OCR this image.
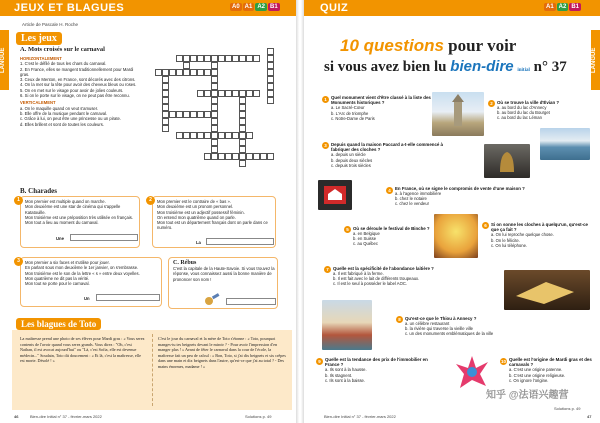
JEUX ET BLAGUES	A0 A1 A2 B1
LANGUE
Article de Pascale H. Roche
Les jeux
A. Mots croisés sur le carnaval
HORIZONTALEMENT
1. C'est le défilé de tous les chars du carnaval.
2. En France, elles se mangent traditionnellement pour Mardi gras.
3. Ceux de Menton, en France, sont décorés avec des citrons.
4. On la met sur la tête pour avoir des cheveux bleus ou roses.
5. On en met sur le visage pour avoir de jolies couleurs.
6. Si on le porte sur le visage, on ne peut pas être reconnu.
VERTICALEMENT
a. On le maquille quand on veut s'amuser.
b. Elle offre de la musique pendant le carnaval.
c. Grâce à lui, on peut être une princesse ou un pirate.
d. Elles brillent et sont de toutes les couleurs.
B. Charades
Mon premier est multiple quand on marche.
Mon deuxième est une star de cinéma qui s'appelle Katatouille.
Mon troisième est une préposition très utilisée en français.
Mon tout a lieu au moment du carnaval.
1
Une
Mon premier est le contraire de « bas ».
Mon deuxième est un pronom personnel.
Mon troisième est un adjectif possessif féminin.
On entend mon quatrième quand on parle.
Mon tout est un département français dont on parle dans ce numéro.
2
La
Mon premier a six faces et s'utilise pour jouer.
En parlant sous mon deuxième le 1er janvier, on s'embrasse.
Mon troisième est le son de la lettre « s » entre deux voyelles.
Mon quatrième ne dit pas la vérité.
Mon tout se porte pour le carnaval.
3
Un
C. Rébus
C'est la capitale de la Haute-Savoie. Si vous trouvez la réponse, vous connaissez aussi la bonne manière de prononcer son nom !
Les blagues de Toto
La maîtresse prend une photo de ses élèves pour Mardi gras : « Vous serez contents de l'avoir quand vous serez grands. Vous direz : "Oh, c'est Nathan, il est avocat aujourd'hui" ou "Là, c'est Sofia, elle est devenue médecin..." Soudain, Toto dit doucement : « Et là, c'est la maîtresse, elle est morte. Désolé ! »
C'est le jour du carnaval et la mère de Toto s'étonne : « Toto, pourquoi manges-tu tes beignets devant le miroir ? - Pour avoir l'impression d'en manger plus ! » Avant de fêter le carnaval dans la cour de l'école, la maîtresse fait un peu de calcul : « Bon, Toto, si j'ai dix beignets et six crêpes dans une main et dix beignets dans l'autre, qu'est-ce que j'ai au total ? - Des mains énormes, madame ! »
46	Bien-dire Initial n° 37 - février-mars 2022	Solutions p. 49
QUIZ	A1 A2 B1
LANGUE
10 questions pour voir
si vous avez bien lu bien-dire initial n° 37
1 Quel monument vient d'être classé à la liste des Monuments historiques ?
a. Le Sacré-Cœur
b. L'Arc de triomphe
c. Notre-Dame de Paris
2 Où se trouve la ville d'Évian ?
a. au bord du lac d'Annecy
b. au bord du lac du Bourget
c. au bord du lac Léman
3 Depuis quand la maison Paccard a-t-elle commencé à fabriquer des cloches ?
a. depuis un siècle
b. depuis deux siècles
c. depuis trois siècles
4 En France, où se signe le compromis de vente d'une maison ?
a. à l'agence immobilière
b. chez le notaire
c. chez le vendeur
5 Où se déroule le festival de Binche ?
a. en Belgique
b. en Suisse
c. au Québec
6 Si on sonne les cloches à quelqu'un, qu'est-ce que ça fait ?
a. On lui reproche quelque chose.
b. On le félicite.
c. On lui téléphone.
7 Quelle est la spécificité de l'abondance laitière ?
a. Il est fabriqué à la ferme.
b. Il est fait avec le lait de différents troupeaux.
c. Il est le seul à posséder le label AOC.
8 Qu'est-ce que le Thiou à Annecy ?
a. un célèbre restaurant
b. la rivière qui traverse la vieille ville
c. un des monuments emblématiques de la ville
9 Quelle est la tendance des prix de l'immobilier en France ?
a. Ils sont à la hausse.
b. Ils stagnent.
c. Ils sont à la baisse.
10 Quelle est l'origine de Mardi gras et des carnavals ?
a. C'est une origine païenne.
b. C'est une origine religieuse.
c. On ignore l'origine.
Bien-dire Initial n° 37 - février-mars 2022	47
Solutions p. 49
知乎 @法语兴趣营
